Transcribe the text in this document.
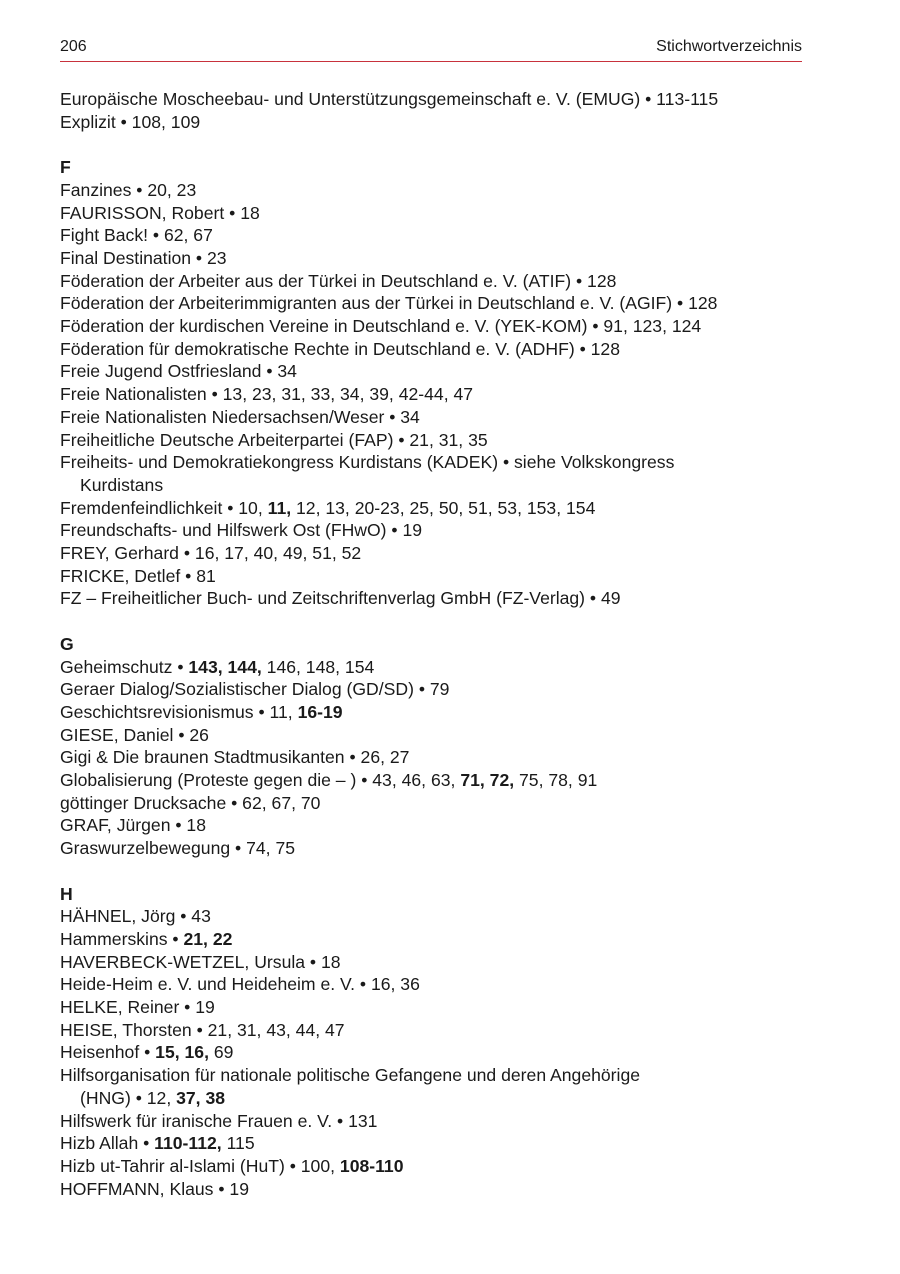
206	Stichwortverzeichnis
Europäische Moscheebau- und Unterstützungsgemeinschaft e. V. (EMUG) • 113-115
Explizit • 108, 109
F
Fanzines • 20, 23
FAURISSON, Robert • 18
Fight Back! • 62, 67
Final Destination • 23
Föderation der Arbeiter aus der Türkei in Deutschland e. V. (ATIF) • 128
Föderation der Arbeiterimmigranten aus der Türkei in Deutschland e. V. (AGIF) • 128
Föderation der kurdischen Vereine in Deutschland e. V. (YEK-KOM) • 91, 123, 124
Föderation für demokratische Rechte in Deutschland e. V. (ADHF) • 128
Freie Jugend Ostfriesland • 34
Freie Nationalisten • 13, 23, 31, 33, 34, 39, 42-44, 47
Freie Nationalisten Niedersachsen/Weser • 34
Freiheitliche Deutsche Arbeiterpartei (FAP) • 21, 31, 35
Freiheits- und Demokratiekongress Kurdistans (KADEK) • siehe Volkskongress
Kurdistans
Fremdenfeindlichkeit • 10, 11, 12, 13, 20-23, 25, 50, 51, 53, 153, 154
Freundschafts- und Hilfswerk Ost (FHwO) • 19
FREY, Gerhard • 16, 17, 40, 49, 51, 52
FRICKE, Detlef • 81
FZ – Freiheitlicher Buch- und Zeitschriftenverlag GmbH (FZ-Verlag) • 49
G
Geheimschutz • 143, 144, 146, 148, 154
Geraer Dialog/Sozialistischer Dialog (GD/SD) • 79
Geschichtsrevisionismus • 11, 16-19
GIESE, Daniel • 26
Gigi & Die braunen Stadtmusikanten • 26, 27
Globalisierung (Proteste gegen die – ) • 43, 46, 63, 71, 72, 75, 78, 91
göttinger Drucksache • 62, 67, 70
GRAF, Jürgen • 18
Graswurzelbewegung • 74, 75
H
HÄHNEL, Jörg • 43
Hammerskins • 21, 22
HAVERBECK-WETZEL, Ursula • 18
Heide-Heim e. V. und Heideheim e. V. • 16, 36
HELKE, Reiner • 19
HEISE, Thorsten • 21, 31, 43, 44, 47
Heisenhof • 15, 16, 69
Hilfsorganisation für nationale politische Gefangene und deren Angehörige
(HNG) • 12, 37, 38
Hilfswerk für iranische Frauen e. V. • 131
Hizb Allah • 110-112, 115
Hizb ut-Tahrir al-Islami (HuT) • 100, 108-110
HOFFMANN, Klaus • 19
